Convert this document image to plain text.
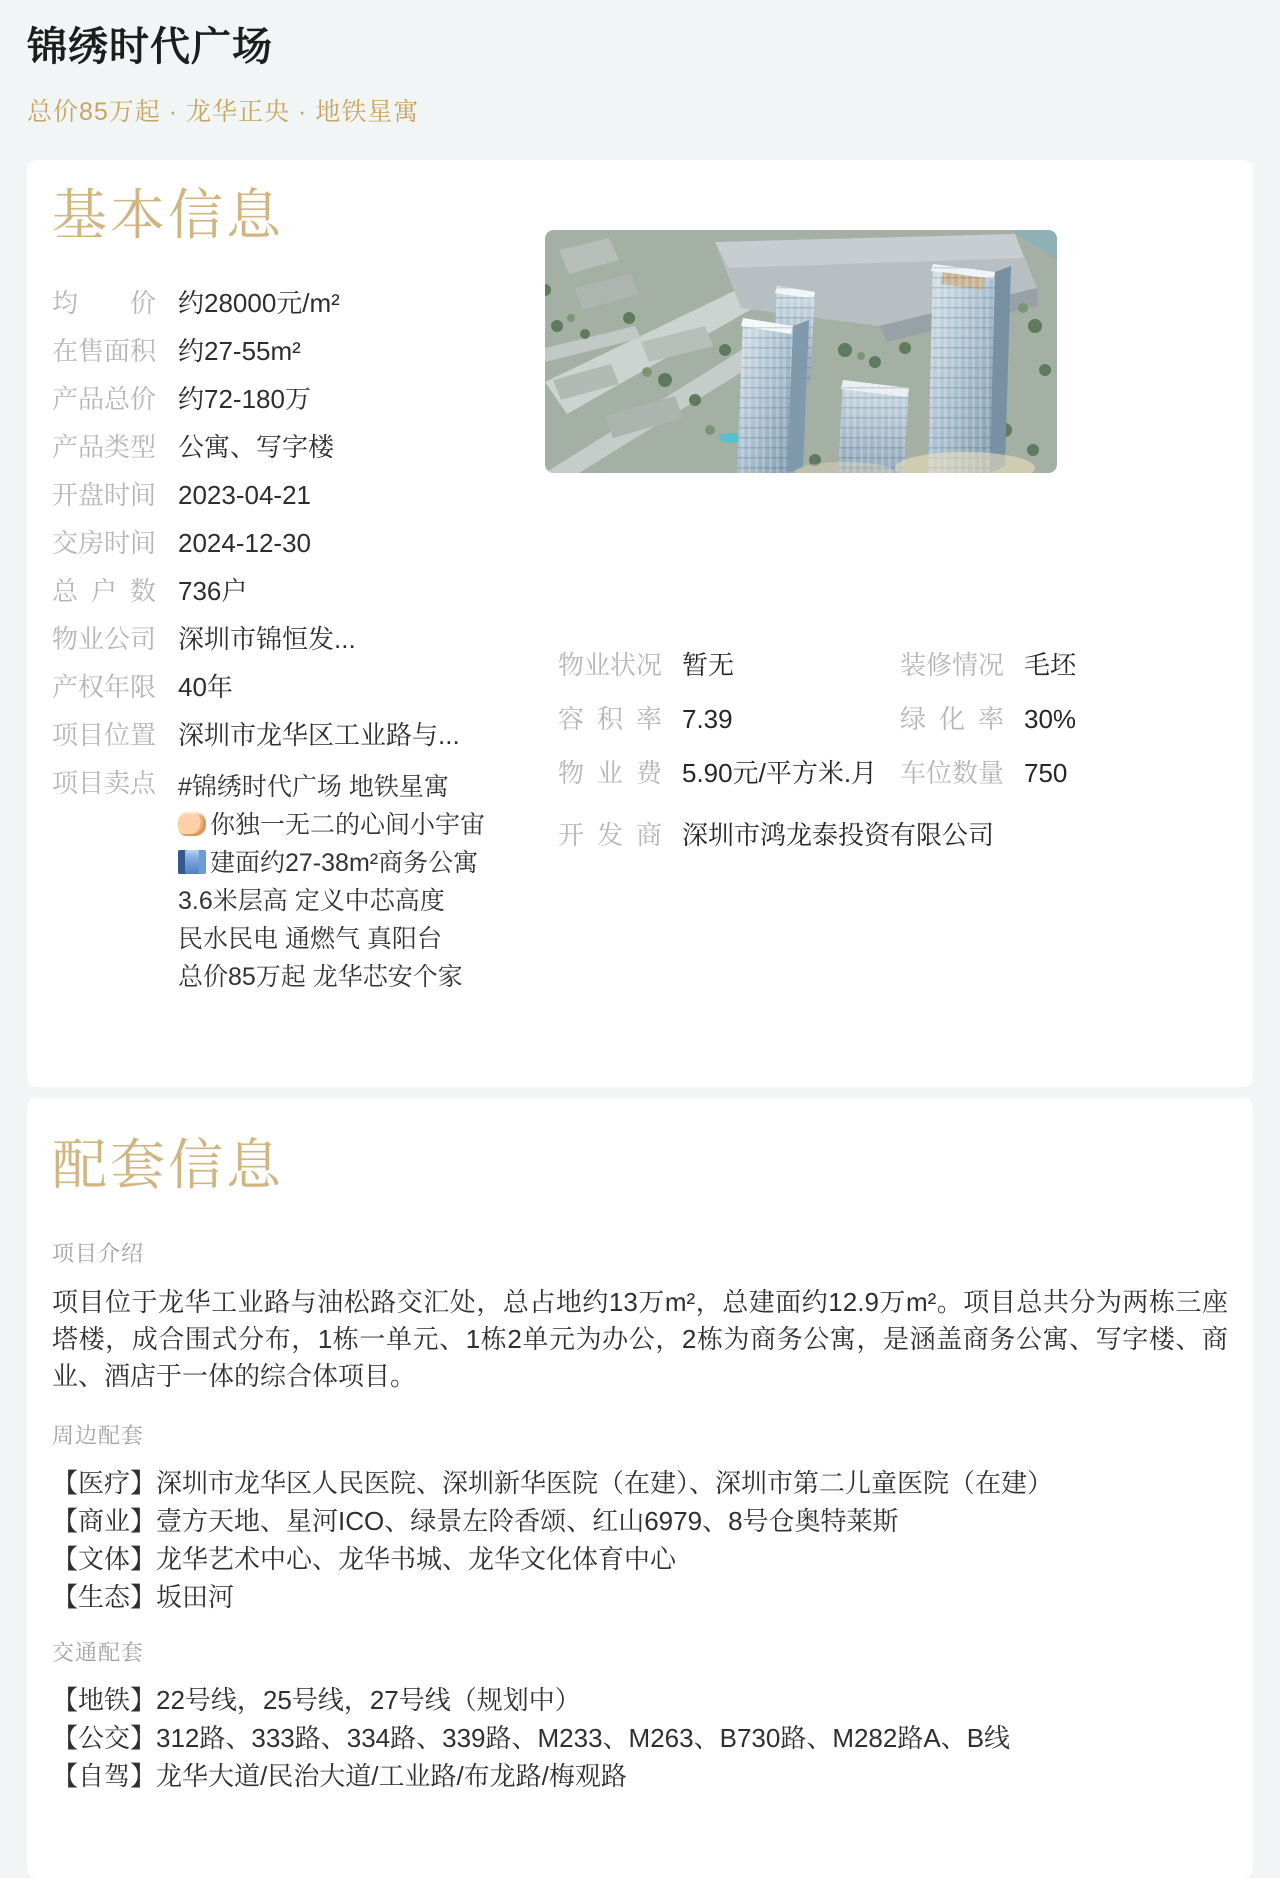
锦绣时代广场
总价85万起 · 龙华正央 · 地铁星寓
基本信息
均价 约28000元/m²
在售面积 约27-55m²
产品总价 约72-180万
产品类型 公寓、写字楼
开盘时间 2023-04-21
交房时间 2024-12-30
总户数 736户
物业公司 深圳市锦恒发...
产权年限 40年
项目位置 深圳市龙华区工业路与...
项目卖点 #锦绣时代广场 地铁星寓
你独一无二的心间小宇宙
建面约27-38m²商务公寓
3.6米层高 定义中芯高度
民水民电 通燃气 真阳台
总价85万起 龙华芯安个家
物业状况 暂无	装修情况 毛坯
容积率 7.39	绿化率 30%
物业费 5.90元/平方米.月 车位数量 750
开发商 深圳市鸿龙泰投资有限公司
配套信息
项目介绍

项目位于龙华工业路与油松路交汇处，总占地约13万m²，总建面约12.9万m²。项目总共分为两栋三座塔楼，成合围式分布，1栋一单元、1栋2单元为办公，2栋为商务公寓，是涵盖商务公寓、写字楼、商业、酒店于一体的综合体项目。

周边配套
【医疗】深圳市龙华区人民医院、深圳新华医院（在建）、深圳市第二儿童医院（在建）
【商业】壹方天地、星河ICO、绿景左阾香颂、红山6979、8号仓奥特莱斯
【文体】龙华艺术中心、龙华书城、龙华文化体育中心
【生态】坂田河
交通配套
【地铁】22号线，25号线，27号线（规划中）
【公交】312路、333路、334路、339路、M233、M263、B730路、M282路A、B线
【自驾】龙华大道/民治大道/工业路/布龙路/梅观路
